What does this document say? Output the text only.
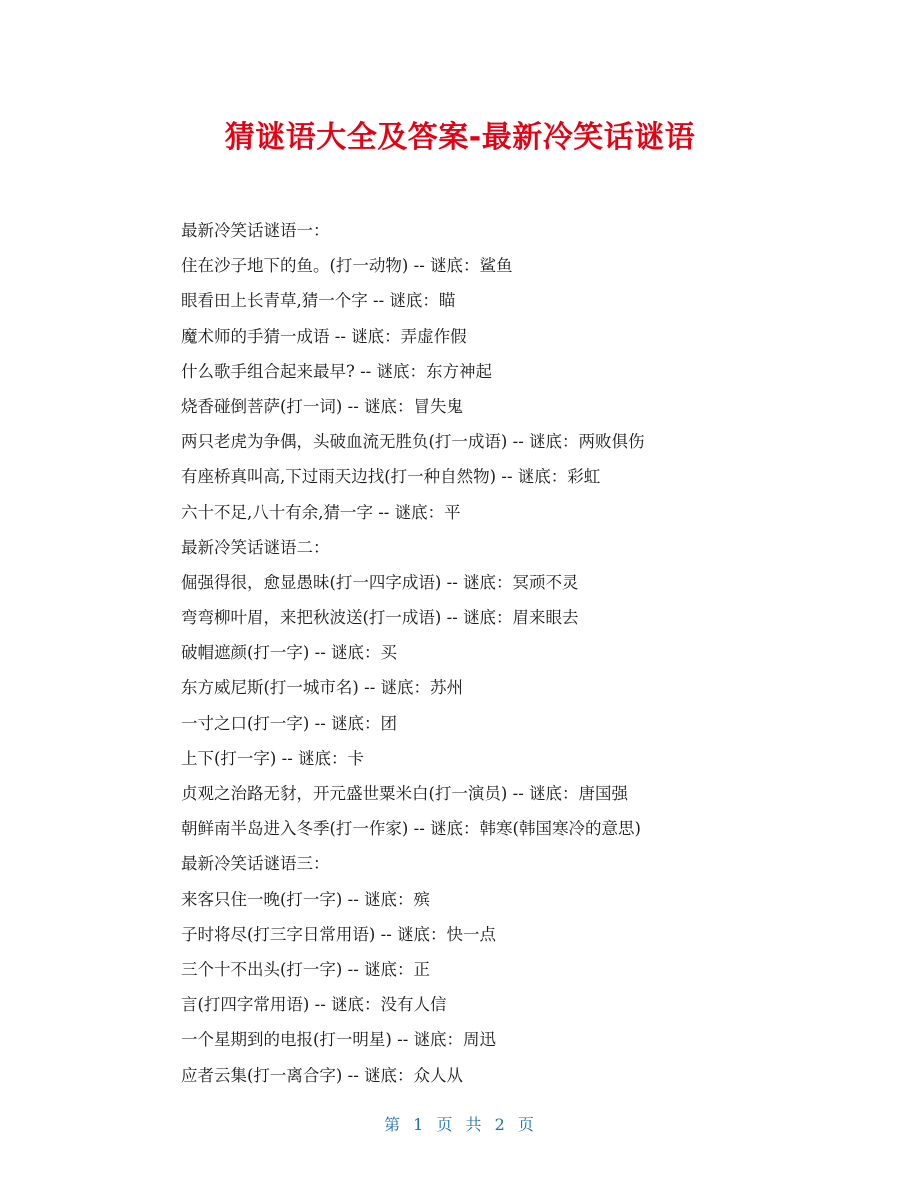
猜谜语大全及答案-最新冷笑话谜语
最新冷笑话谜语一：
住在沙子地下的鱼。(打一动物) -- 谜底：鲨鱼
眼看田上长青草,猜一个字 -- 谜底：瞄
魔术师的手猜一成语 -- 谜底：弄虚作假
什么歌手组合起来最早? -- 谜底：东方神起
烧香碰倒菩萨(打一词) -- 谜底：冒失鬼
两只老虎为争偶，头破血流无胜负(打一成语) -- 谜底：两败俱伤
有座桥真叫高,下过雨天边找(打一种自然物) -- 谜底：彩虹
六十不足,八十有余,猜一字 -- 谜底：平
最新冷笑话谜语二：
倔强得很，愈显愚昧(打一四字成语) -- 谜底：冥顽不灵
弯弯柳叶眉，来把秋波送(打一成语) -- 谜底：眉来眼去
破帽遮颜(打一字) -- 谜底：买
东方威尼斯(打一城市名) -- 谜底：苏州
一寸之口(打一字) -- 谜底：团
上下(打一字) -- 谜底：卡
贞观之治路无豺，开元盛世粟米白(打一演员) -- 谜底：唐国强
朝鲜南半岛进入冬季(打一作家) -- 谜底：韩寒(韩国寒冷的意思)
最新冷笑话谜语三：
来客只住一晚(打一字) -- 谜底：殡
子时将尽(打三字日常用语) -- 谜底：快一点
三个十不出头(打一字) -- 谜底：正
言(打四字常用语) -- 谜底：没有人信
一个星期到的电报(打一明星) -- 谜底：周迅
应者云集(打一离合字) -- 谜底：众人从
第 1 页 共 2 页
